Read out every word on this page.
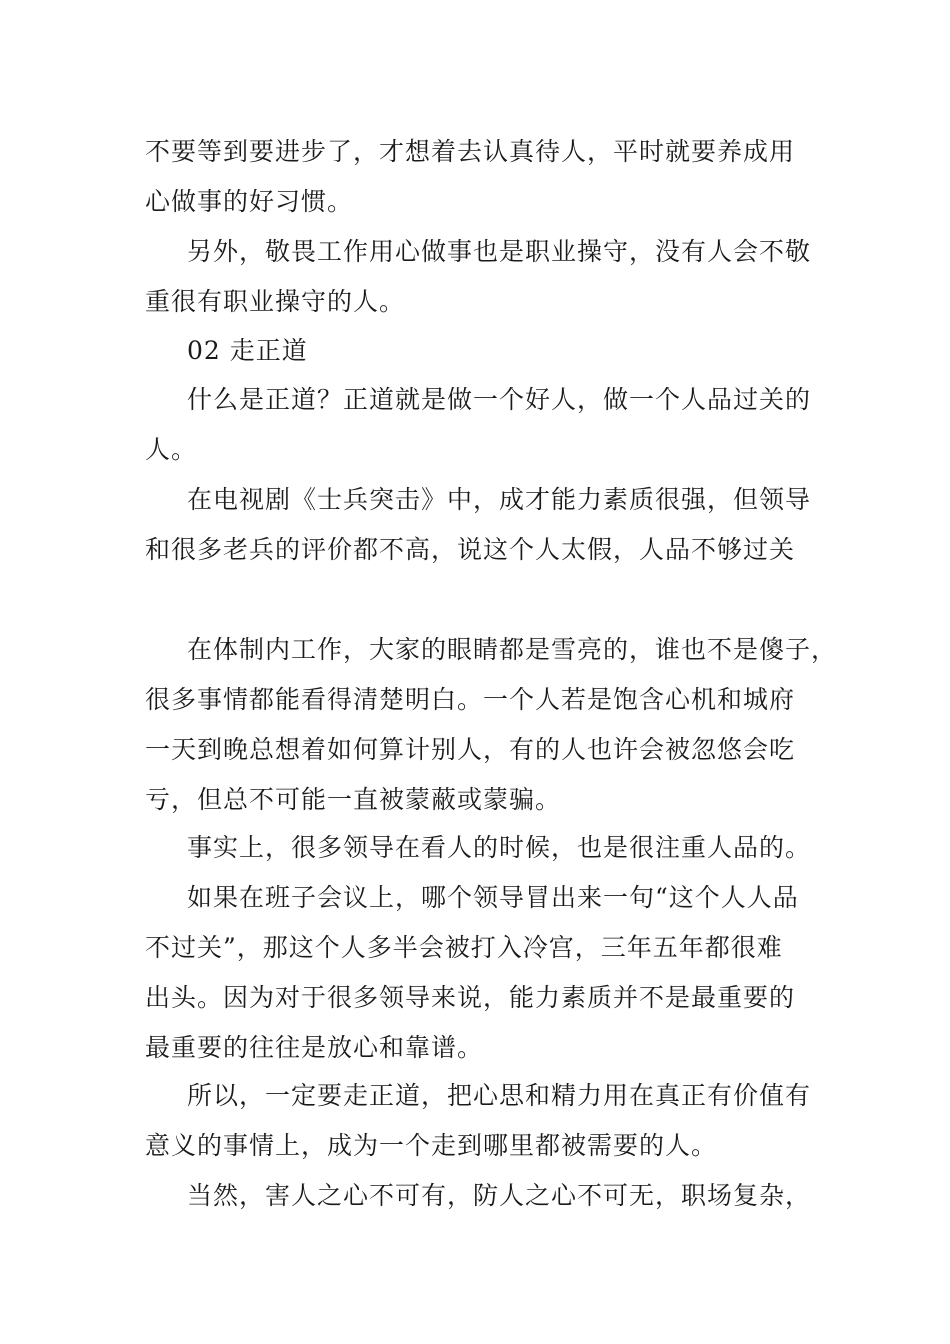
不要等到要进步了，才想着去认真待人，平时就要养成用
心做事的好习惯。
另外，敬畏工作用心做事也是职业操守，没有人会不敬
重很有职业操守的人。
02 走正道
什么是正道？正道就是做一个好人，做一个人品过关的
人。
在电视剧《士兵突击》中，成才能力素质很强，但领导
和很多老兵的评价都不高，说这个人太假，人品不够过关
在体制内工作，大家的眼睛都是雪亮的，谁也不是傻子，
很多事情都能看得清楚明白。一个人若是饱含心机和城府
一天到晚总想着如何算计别人，有的人也许会被忽悠会吃
亏，但总不可能一直被蒙蔽或蒙骗。
事实上，很多领导在看人的时候，也是很注重人品的。
如果在班子会议上，哪个领导冒出来一句“这个人人品
不过关”，那这个人多半会被打入冷宫，三年五年都很难
出头。因为对于很多领导来说，能力素质并不是最重要的
最重要的往往是放心和靠谱。
所以，一定要走正道，把心思和精力用在真正有价值有
意义的事情上，成为一个走到哪里都被需要的人。
当然，害人之心不可有，防人之心不可无，职场复杂，
